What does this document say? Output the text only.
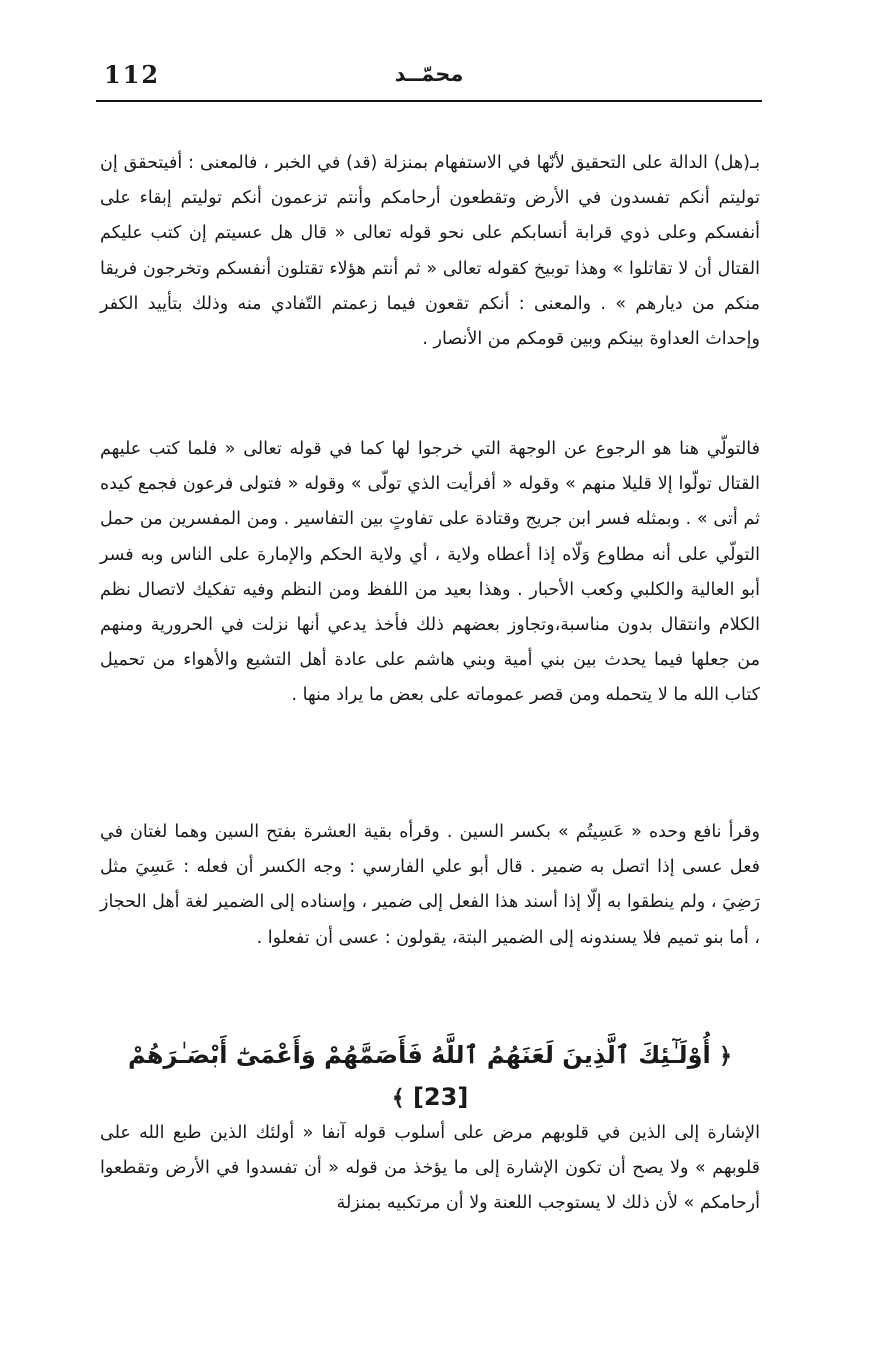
112	محمّــد

بـ(هل) الدالة على التحقيق لأنّها في الاستفهام بمنزلة (قد) في الخبر ، فالمعنى : أفيتحقق إن توليتم أنكم تفسدون في الأرض وتقطعون أرحامكم وأنتم تزعمون أنكم توليتم إبقاء على أنفسكم وعلى ذوي قرابة أنسابكم على نحو قوله تعالى « قال هل عسيتم إن كتب عليكم القتال أن لا تقاتلوا » وهذا توبيخ كقوله تعالى « ثم أنتم هؤلاء تقتلون أنفسكم وتخرجون فريقا منكم من ديارهم » . والمعنى : أنكم تقعون فيما زعمتم التّفادي منه وذلك بتأييد الكفر وإحداث العداوة بينكم وبين قومكم من الأنصار .

فالتولّي هنا هو الرجوع عن الوجهة التي خرجوا لها كما في قوله تعالى « فلما كتب عليهم القتال تولّوا إلا قليلا منهم » وقوله « أفرأيت الذي تولّى » وقوله « فتولى فرعون فجمع كيده ثم أتى » . وبمثله فسر ابن جريج وقتادة على تفاوتٍ بين التفاسير . ومن المفسرين من حمل التولّي على أنه مطاوع وَلّاه إذا أعطاه ولاية ، أي ولاية الحكم والإمارة على الناس وبه فسر أبو العالية والكلبي وكعب الأحبار . وهذا بعيد من اللفظ ومن النظم وفيه تفكيك لاتصال نظم الكلام وانتقال بدون مناسبة،وتجاوز بعضهم ذلك فأخذ يدعي أنها نزلت في الحرورية ومنهم من جعلها فيما يحدث بين بني أمية وبني هاشم على عادة أهل التشيع والأهواء من تحميل كتاب الله ما لا يتحمله ومن قصر عموماته على بعض ما يراد منها .

وقرأ نافع وحده « عَسِيتُم » بكسر السين . وقرأه بقية العشرة بفتح السين وهما لغتان في فعل عسى إذا اتصل به ضمير . قال أبو علي الفارسي : وجه الكسر أن فعله : عَسِيَ مثل رَضِيَ ، ولم ينطقوا به إلّا إذا أسند هذا الفعل إلى ضمير ، وإسناده إلى الضمير لغة أهل الحجاز ، أما بنو تميم فلا يسندونه إلى الضمير البتة، يقولون : عسى أن تفعلوا .

﴿ أُوْلَـٰٓئِكَ ٱلَّذِينَ لَعَنَهُمُ ٱللَّهُ فَأَصَمَّهُمْ وَأَعْمَىٰٓ أَبْصَـٰرَهُمْ [23] ﴾

الإشارة إلى الذين في قلوبهم مرض على أسلوب قوله آنفا « أولئك الذين طبع الله على قلوبهم » ولا يصح أن تكون الإشارة إلى ما يؤخذ من قوله « أن تفسدوا في الأرض وتقطعوا أرحامكم » لأن ذلك لا يستوجب اللعنة ولا أن مرتكبيه بمنزلة
